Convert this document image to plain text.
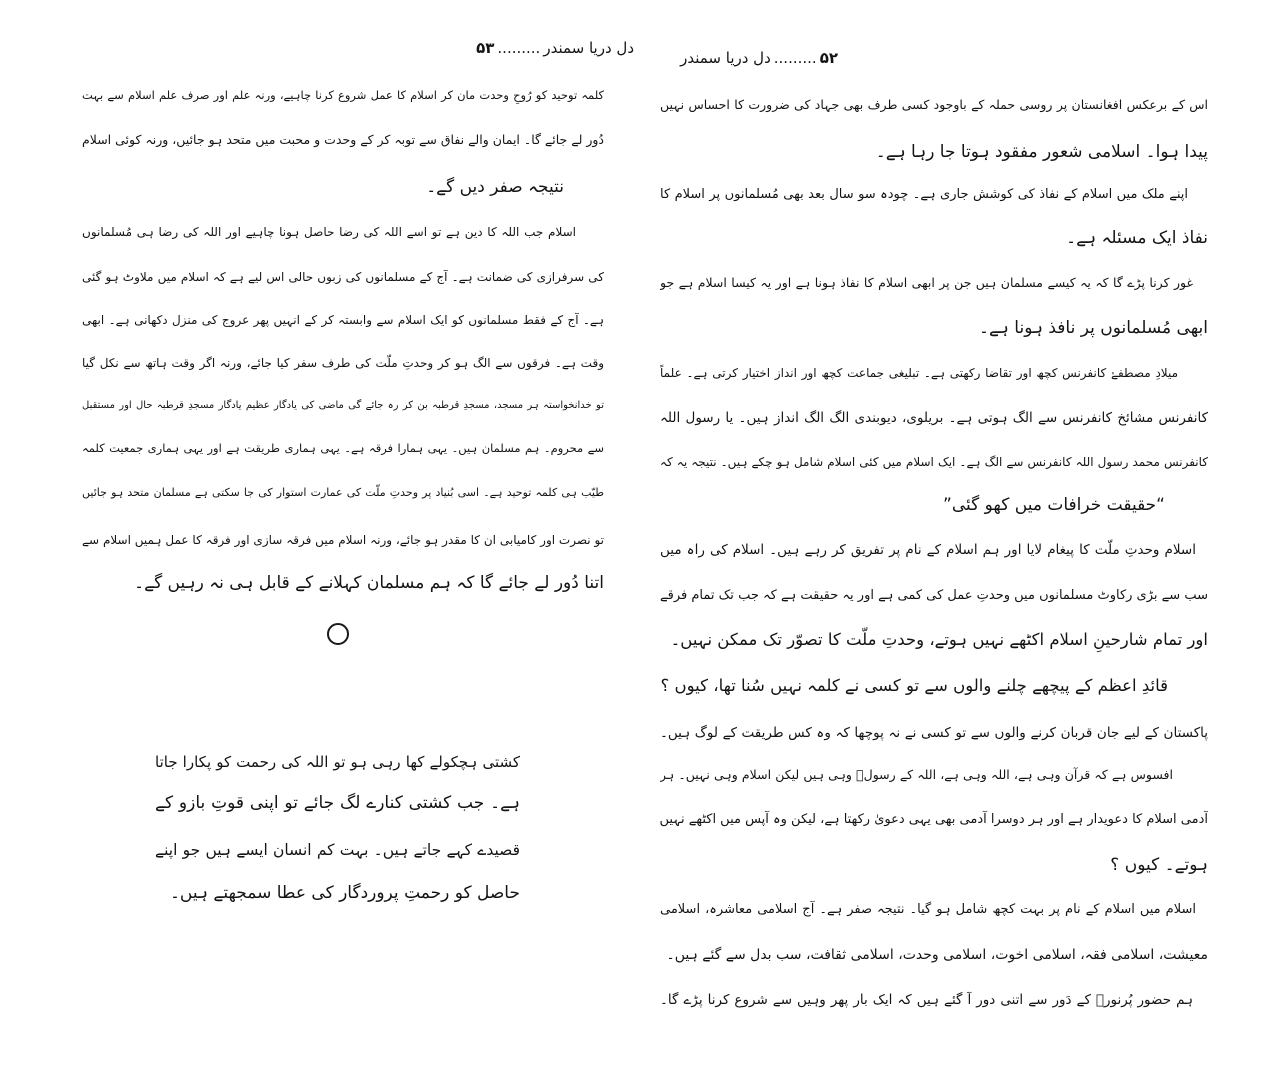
دل دریا سمندر
.........
۵۳
۵۲
.........
دل دریا سمندر
کلمہ توحید کو رُوحِ وحدت مان کر اسلام کا عمل شروع کرنا چاہیے، ورنہ علم اور صرف علم اسلام سے بہت
دُور لے جائے گا۔ ایمان والے نفاق سے توبہ کر کے وحدت و محبت میں متحد ہو جائیں، ورنہ کوئی اسلام
نتیجہ صفر دیں گے۔
اسلام جب اللہ کا دین ہے تو اسے اللہ کی رضا حاصل ہونا چاہیے اور اللہ کی رضا ہی مُسلمانوں
کی سرفرازی کی ضمانت ہے۔ آج کے مسلمانوں کی زبوں حالی اس لیے ہے کہ اسلام میں ملاوٹ ہو گئی
ہے۔ آج کے فقط مسلمانوں کو ایک اسلام سے وابستہ کر کے انہیں پھر عروج کی منزل دکھانی ہے۔ ابھی
وقت ہے۔ فرقوں سے الگ ہو کر وحدتِ ملّت کی طرف سفر کیا جائے، ورنہ اگر وقت ہاتھ سے نکل گیا
تو خدانخواستہ ہر مسجد، مسجدِ قرطبہ بن کر رہ جائے گی ماضی کی یادگار عظیم یادگار مسجدِ قرطبہ حال اور مستقبل
سے محروم۔ ہم مسلمان ہیں۔ یہی ہمارا فرقہ ہے۔ یہی ہماری طریقت ہے اور یہی ہماری جمعیت کلمہ
طیّب ہی کلمہ توحید ہے۔ اسی بُنیاد پر وحدتِ ملّت کی عمارت استوار کی جا سکتی ہے مسلمان متحد ہو جائیں
تو نصرت اور کامیابی ان کا مقدر ہو جائے، ورنہ اسلام میں فرقہ سازی اور فرقہ کا عمل ہمیں اسلام سے
اتنا دُور لے جائے گا کہ ہم مسلمان کہلانے کے قابل ہی نہ رہیں گے۔
کشتی ہچکولے کھا رہی ہو تو اللہ کی رحمت کو پکارا جاتا
ہے۔ جب کشتی کنارے لگ جائے تو اپنی قوتِ بازو کے
قصیدے کہے جاتے ہیں۔ بہت کم انسان ایسے ہیں جو اپنے
حاصل کو رحمتِ پروردگار کی عطا سمجھتے ہیں۔
اس کے برعکس افغانستان پر روسی حملہ کے باوجود کسی طرف بھی جہاد کی ضرورت کا احساس نہیں
پیدا ہوا۔ اسلامی شعور مفقود ہوتا جا رہا ہے۔
اپنے ملک میں اسلام کے نفاذ کی کوشش جاری ہے۔ چودہ سو سال بعد بھی مُسلمانوں پر اسلام کا
نفاذ ایک مسئلہ ہے۔
غور کرنا پڑے گا کہ یہ کیسے مسلمان ہیں جن پر ابھی اسلام کا نفاذ ہونا ہے اور یہ کیسا اسلام ہے جو
ابھی مُسلمانوں پر نافذ ہونا ہے۔
میلادِ مصطفےٰ کانفرنس کچھ اور تقاضا رکھتی ہے۔ تبلیغی جماعت کچھ اور انداز اختیار کرتی ہے۔ علماً
کانفرنس مشائخ کانفرنس سے الگ ہوتی ہے۔ بریلوی، دیوبندی الگ الگ انداز ہیں۔ یا رسول اللہ
کانفرنس محمد رسول اللہ کانفرنس سے الگ ہے۔ ایک اسلام میں کئی اسلام شامل ہو چکے ہیں۔ نتیجہ یہ کہ
“حقیقت خرافات میں کھو گئی”
اسلام وحدتِ ملّت کا پیغام لایا اور ہم اسلام کے نام پر تفریق کر رہے ہیں۔ اسلام کی راہ میں
سب سے بڑی رکاوٹ مسلمانوں میں وحدتِ عمل کی کمی ہے اور یہ حقیقت ہے کہ جب تک تمام فرقے
اور تمام شارحینِ اسلام اکٹھے نہیں ہوتے، وحدتِ ملّت کا تصوّر تک ممکن نہیں۔
قائدِ اعظم کے پیچھے چلنے والوں سے تو کسی نے کلمہ نہیں سُنا تھا، کیوں ؟
پاکستان کے لیے جان قربان کرنے والوں سے تو کسی نے نہ پوچھا کہ وہ کس طریقت کے لوگ ہیں۔
افسوس ہے کہ قرآن وہی ہے، اللہ وہی ہے، اللہ کے رسولؐ وہی ہیں لیکن اسلام وہی نہیں۔ ہر
آدمی اسلام کا دعویدار ہے اور ہر دوسرا آدمی بھی یہی دعویٰ رکھتا ہے، لیکن وہ آپس میں اکٹھے نہیں
ہوتے۔ کیوں ؟
اسلام میں اسلام کے نام پر بہت کچھ شامل ہو گیا۔ نتیجہ صفر ہے۔ آج اسلامی معاشرہ، اسلامی
معیشت، اسلامی فقہ، اسلامی اخوت، اسلامی وحدت، اسلامی ثقافت، سب بدل سے گئے ہیں۔
ہم حضور پُرنورؐ کے دَور سے اتنی دور آ گئے ہیں کہ ایک بار پھر وہیں سے شروع کرنا پڑے گا۔
